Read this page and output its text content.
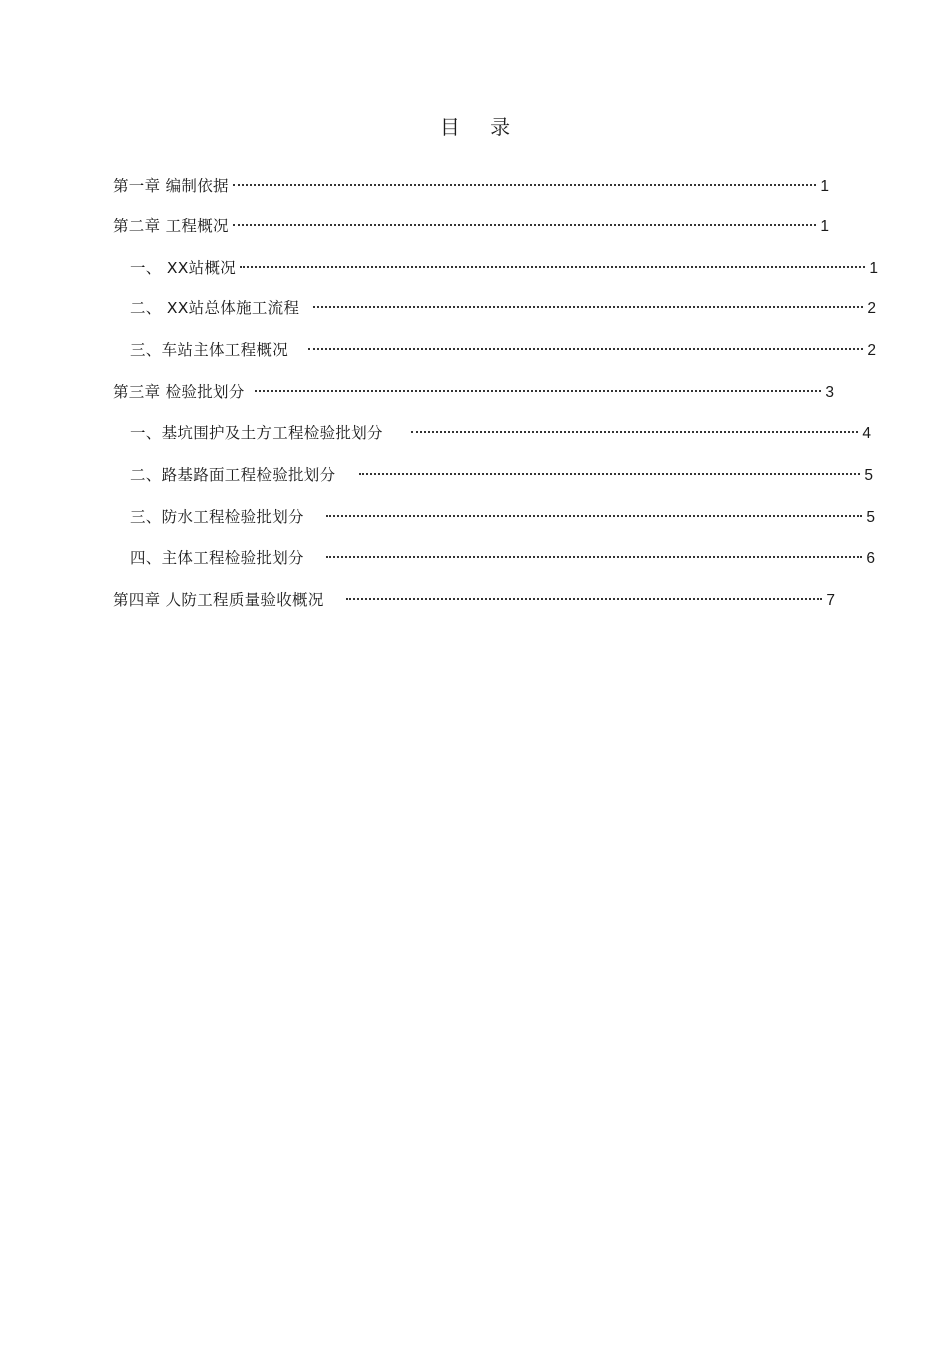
目 录
第一章 编制依据	1
第二章 工程概况	1
一、 XX站概况	1
二、 XX站总体施工流程	2
三、车站主体工程概况	2
第三章 检验批划分	3
一、基坑围护及土方工程检验批划分	4
二、路基路面工程检验批划分	5
三、防水工程检验批划分	5
四、主体工程检验批划分	6
第四章 人防工程质量验收概况	7
